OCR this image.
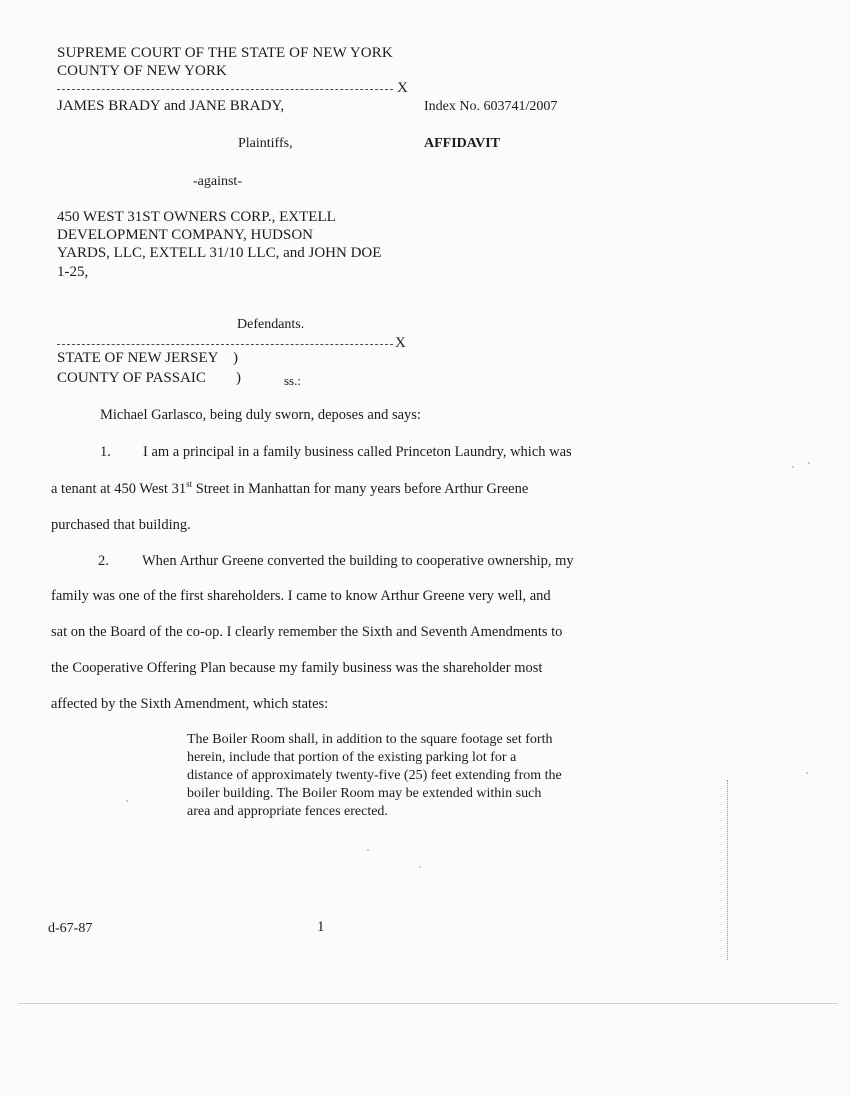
SUPREME COURT OF THE STATE OF NEW YORK
COUNTY OF NEW YORK
X
JAMES BRADY and JANE BRADY,	Index No. 603741/2007
Plaintiffs,	AFFIDAVIT
-against-
450 WEST 31ST OWNERS CORP., EXTELL
DEVELOPMENT COMPANY, HUDSON
YARDS, LLC, EXTELL 31/10 LLC, and JOHN DOE
1-25,
Defendants.
X
STATE OF NEW JERSEY )
COUNTY OF PASSAIC )	ss.:
Michael Garlasco, being duly sworn, deposes and says:
1. I am a principal in a family business called Princeton Laundry, which was
a tenant at 450 West 31st Street in Manhattan for many years before Arthur Greene
purchased that building.
2. When Arthur Greene converted the building to cooperative ownership, my
family was one of the first shareholders. I came to know Arthur Greene very well, and
sat on the Board of the co-op. I clearly remember the Sixth and Seventh Amendments to
the Cooperative Offering Plan because my family business was the shareholder most
affected by the Sixth Amendment, which states:
The Boiler Room shall, in addition to the square footage set forth
herein, include that portion of the existing parking lot for a
distance of approximately twenty-five (25) feet extending from the
boiler building. The Boiler Room may be extended within such
area and appropriate fences erected.
d-67-87	1
